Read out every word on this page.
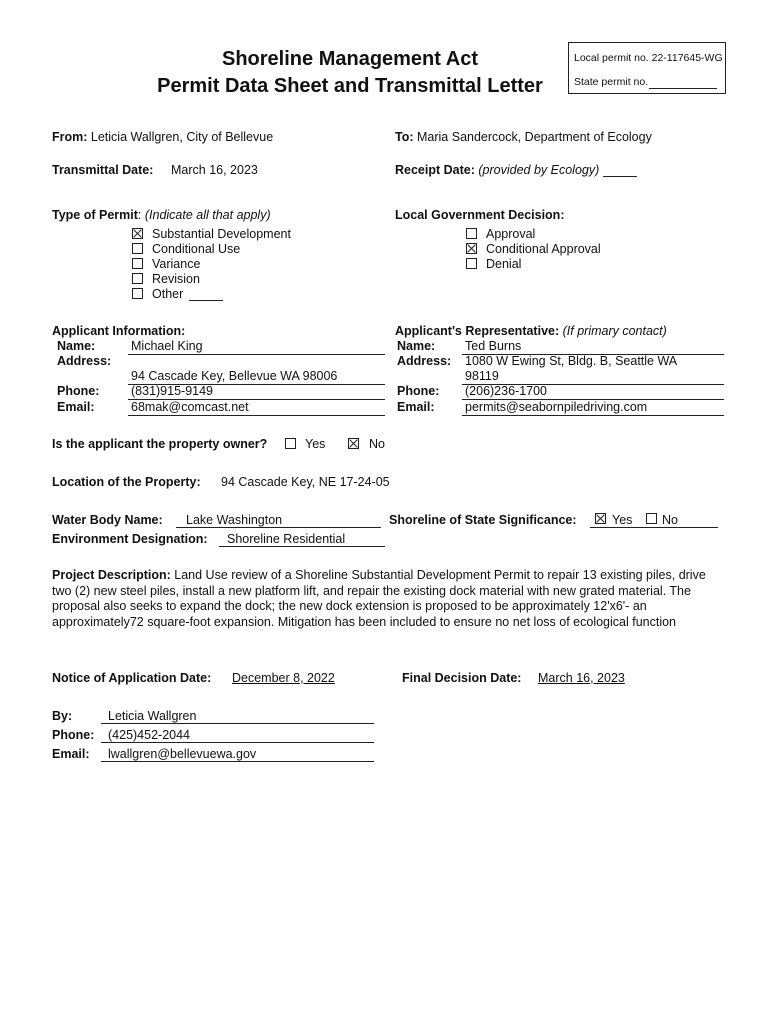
Shoreline Management Act
Permit Data Sheet and Transmittal Letter
Local permit no. 22-117645-WG
State permit no.
From: Leticia Wallgren, City of Bellevue	To: Maria Sandercock, Department of Ecology
Transmittal Date: March 16, 2023	Receipt Date: (provided by Ecology)
Type of Permit: (Indicate all that apply)
Substantial Development
Conditional Use
Variance
Revision
Other
Local Government Decision:
Approval
Conditional Approval
Denial
Applicant Information:
Name:	Michael King
Address:
94 Cascade Key, Bellevue WA 98006
Phone:	(831)915-9149
Email:	68mak@comcast.net
Applicant's Representative: (If primary contact)
Name: Ted Burns
Address: 1080 W Ewing St, Bldg. B, Seattle WA
98119
Phone: (206)236-1700
Email: permits@seabornpiledriving.com
Is the applicant the property owner?	Yes	No
Location of the Property: 94 Cascade Key, NE 17-24-05
Water Body Name:	Lake Washington	Shoreline of State Significance:	Yes No
Environment Designation:	Shoreline Residential
Project Description: Land Use review of a Shoreline Substantial Development Permit to repair 13 existing piles, drive two (2) new steel piles, install a new platform lift, and repair the existing dock material with new grated material. The proposal also seeks to expand the dock; the new dock extension is proposed to be approximately 12'x6'- an approximately72 square-foot expansion. Mitigation has been included to ensure no net loss of ecological function
Notice of Application Date: December 8, 2022	Final Decision Date: March 16, 2023
By:	Leticia Wallgren
Phone:	(425)452-2044
Email:	lwallgren@bellevuewa.gov
